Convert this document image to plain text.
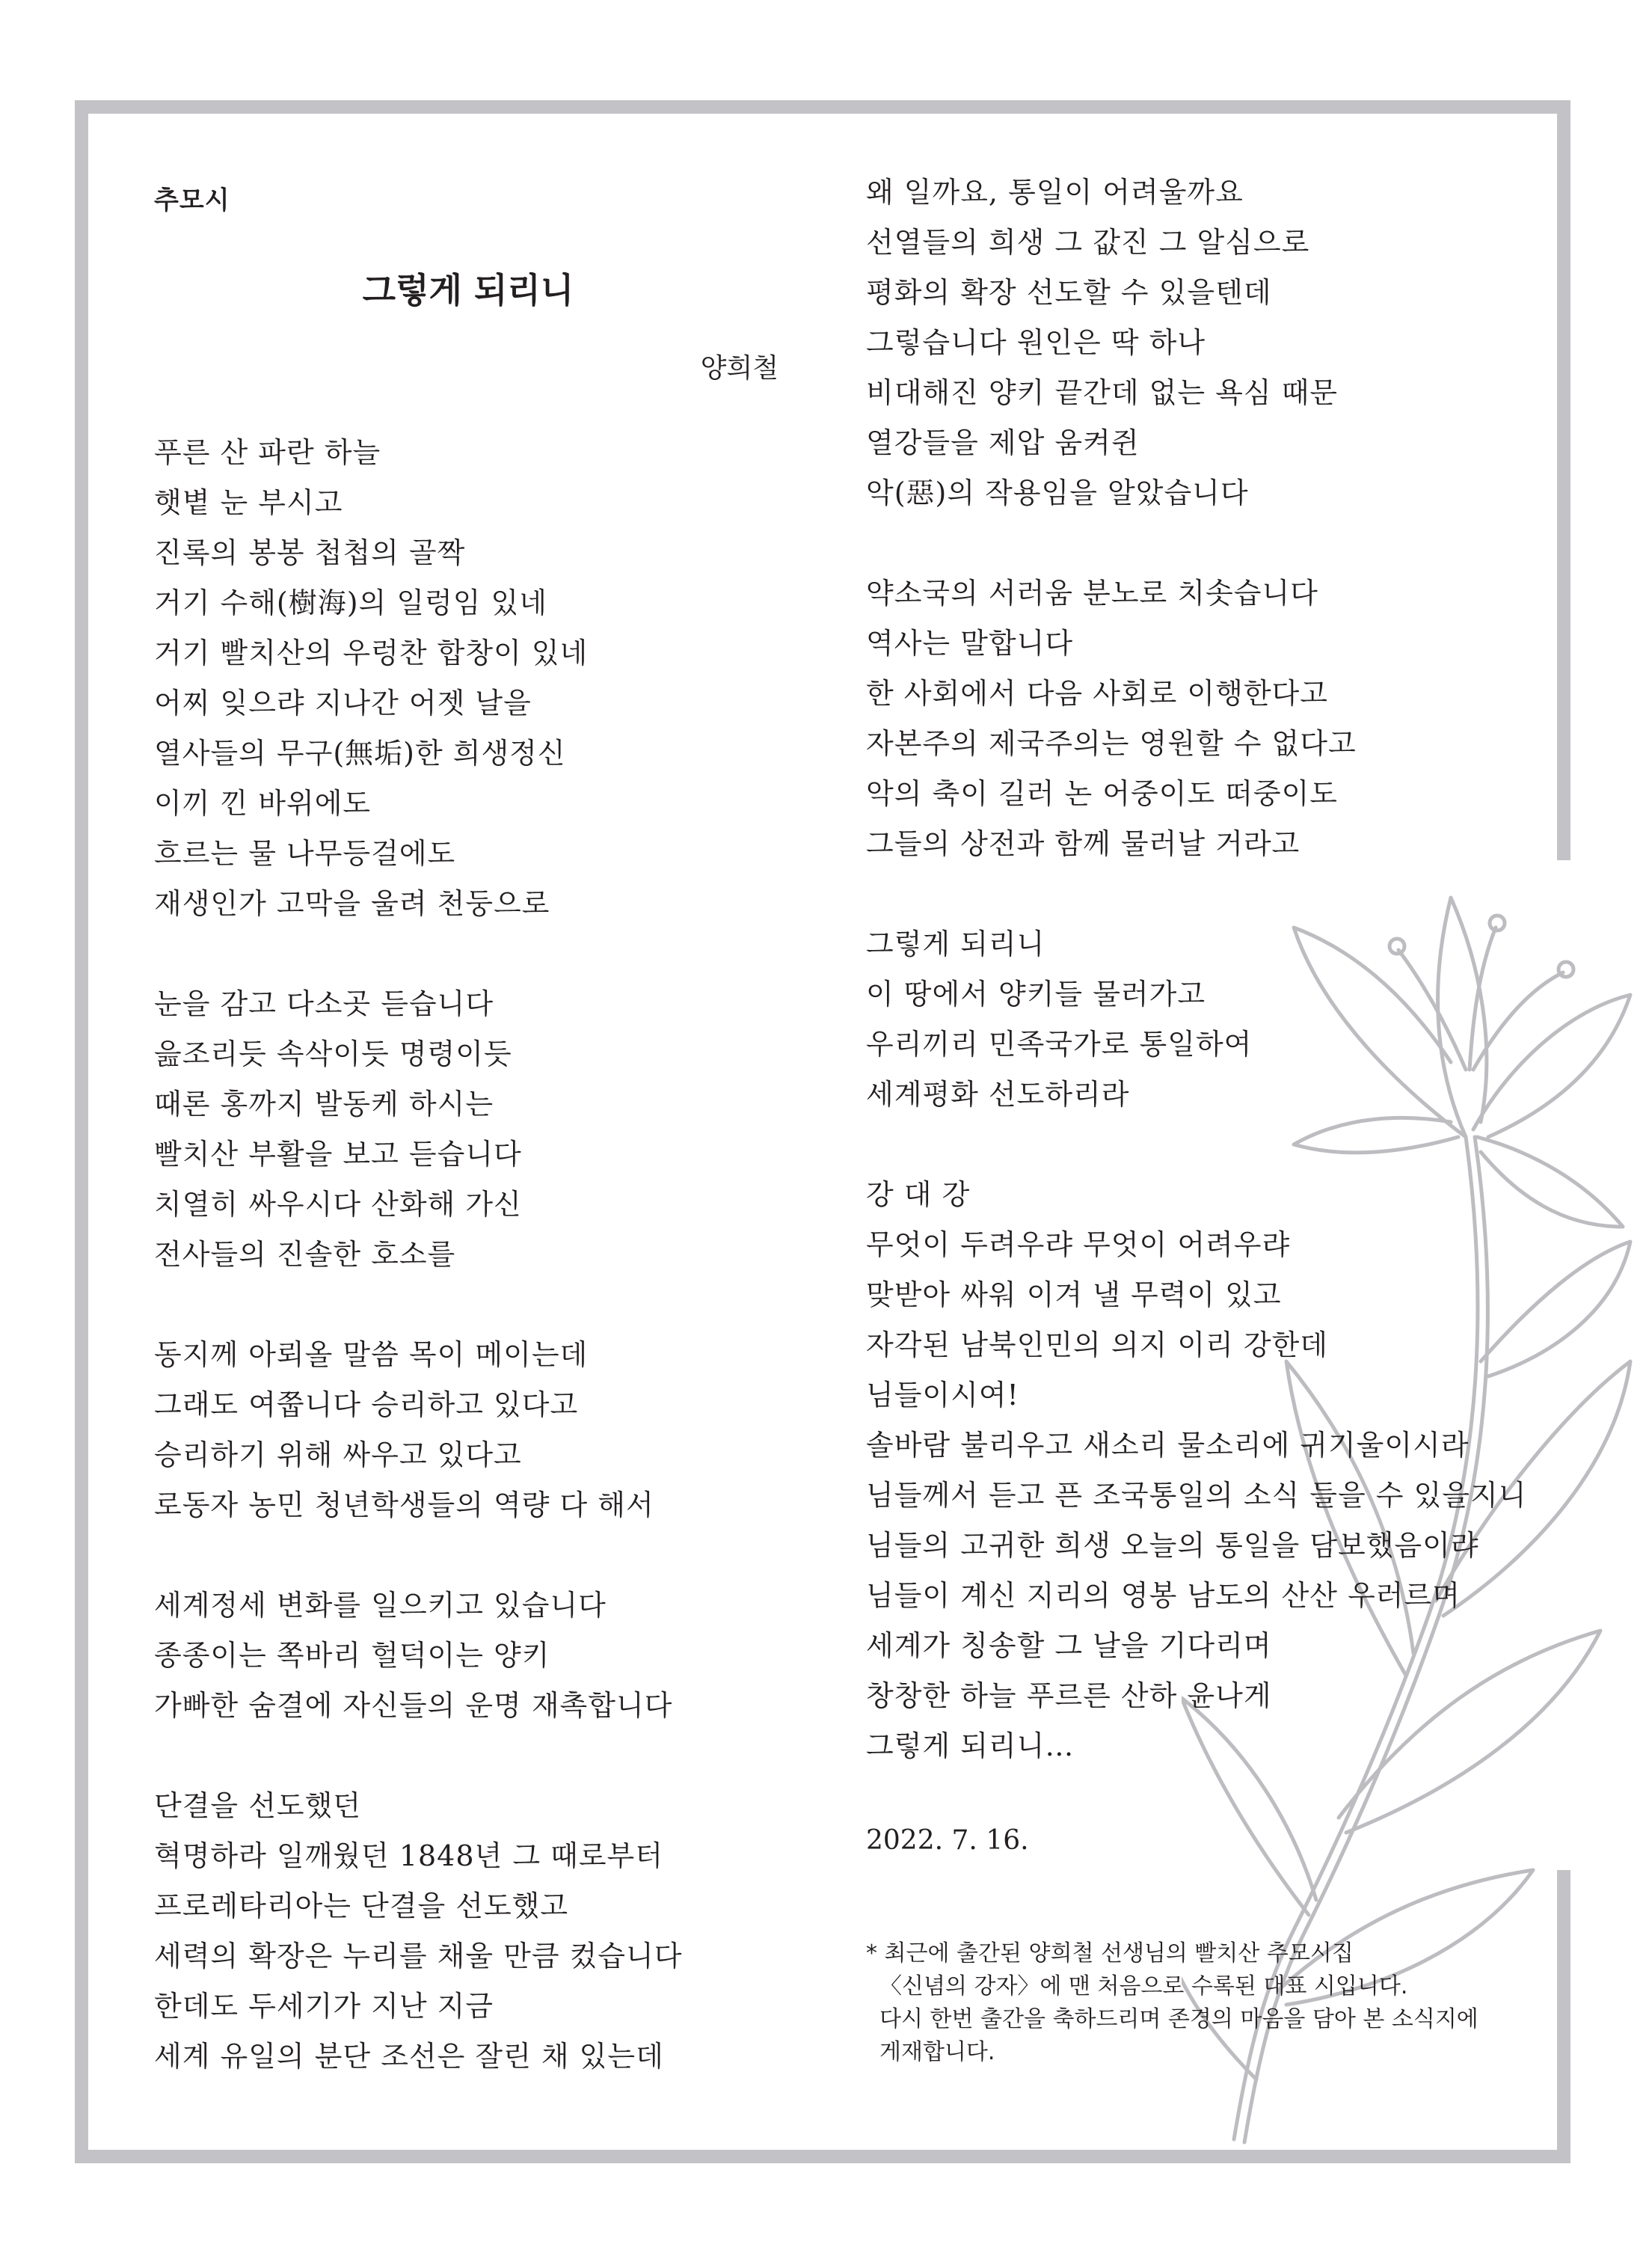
추모시
그렇게 되리니
양희철
푸른 산 파란 하늘
햇볕 눈 부시고
진록의 봉봉 첩첩의 골짝
거기 수해(樹海)의 일렁임 있네
거기 빨치산의 우렁찬 합창이 있네
어찌 잊으랴 지나간 어젯 날을
열사들의 무구(無垢)한 희생정신
이끼 낀 바위에도
흐르는 물 나무등걸에도
재생인가 고막을 울려 천둥으로
눈을 감고 다소곳 듣습니다
읊조리듯 속삭이듯 명령이듯
때론 홍까지 발동케 하시는
빨치산 부활을 보고 듣습니다
치열히 싸우시다 산화해 가신
전사들의 진솔한 호소를
동지께 아뢰올 말씀 목이 메이는데
그래도 여쭙니다 승리하고 있다고
승리하기 위해 싸우고 있다고
로동자 농민 청년학생들의 역량 다 해서
세계정세 변화를 일으키고 있습니다
종종이는 쪽바리 헐덕이는 양키
가빠한 숨결에 자신들의 운명 재촉합니다
단결을 선도했던
혁명하라 일깨웠던 1848년 그 때로부터
프로레타리아는 단결을 선도했고
세력의 확장은 누리를 채울 만큼 컸습니다
한데도 두세기가 지난 지금
세계 유일의 분단 조선은 잘린 채 있는데
왜 일까요, 통일이 어려울까요
선열들의 희생 그 값진 그 알심으로
평화의 확장 선도할 수 있을텐데
그렇습니다 원인은 딱 하나
비대해진 양키 끝간데 없는 욕심 때문
열강들을 제압 움켜쥔
악(惡)의 작용임을 알았습니다
약소국의 서러움 분노로 치솟습니다
역사는 말합니다
한 사회에서 다음 사회로 이행한다고
자본주의 제국주의는 영원할 수 없다고
악의 축이 길러 논 어중이도 떠중이도
그들의 상전과 함께 물러날 거라고
그렇게 되리니
이 땅에서 양키들 물러가고
우리끼리 민족국가로 통일하여
세계평화 선도하리라
강 대 강
무엇이 두려우랴 무엇이 어려우랴
맞받아 싸워 이겨 낼 무력이 있고
자각된 남북인민의 의지 이리 강한데
님들이시여!
솔바람 불리우고 새소리 물소리에 귀기울이시라
님들께서 듣고 픈 조국통일의 소식 들을 수 있을지니
님들의 고귀한 희생 오늘의 통일을 담보했음이랴
님들이 계신 지리의 영봉 남도의 산산 우러르며
세계가 칭송할 그 날을 기다리며
창창한 하늘 푸르른 산하 윤나게
그렇게 되리니…
2022. 7. 16.
* 최근에 출간된 양희철 선생님의 빨치산 추모시집
〈신념의 강자〉에 맨 처음으로 수록된 대표 시입니다.
다시 한번 출간을 축하드리며 존경의 마음을 담아 본 소식지에
게재합니다.
